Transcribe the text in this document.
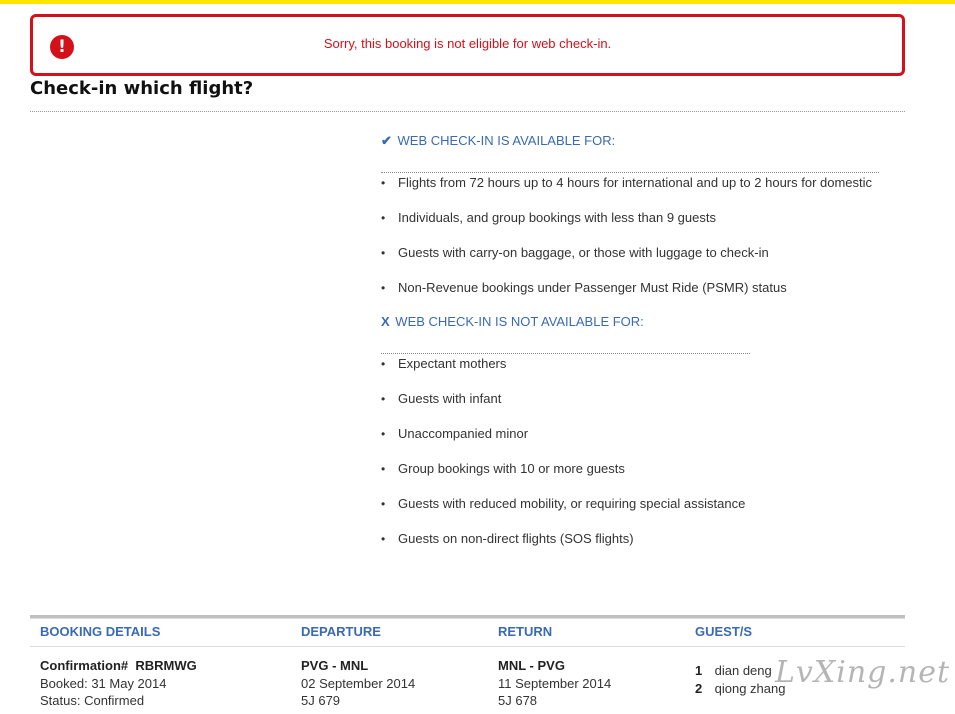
!	Sorry, this booking is not eligible for web check-in.
Check-in which flight?
✔ WEB CHECK-IN IS AVAILABLE FOR:
• Flights from 72 hours up to 4 hours for international and up to 2 hours for domestic
• Individuals, and group bookings with less than 9 guests
• Guests with carry-on baggage, or those with luggage to check-in
• Non-Revenue bookings under Passenger Must Ride (PSMR) status
X WEB CHECK-IN IS NOT AVAILABLE FOR:
• Expectant mothers
• Guests with infant
• Unaccompanied minor
• Group bookings with 10 or more guests
• Guests with reduced mobility, or requiring special assistance
• Guests on non-direct flights (SOS flights)
BOOKING DETAILS
Confirmation# RBRMWG
Booked: 31 May 2014
Status: Confirmed
DEPARTURE
PVG - MNL
02 September 2014
5J 679
RETURN
MNL - PVG
11 September 2014
5J 678
GUEST/S
1 dian deng
2 qiong zhang
LvXing.net
